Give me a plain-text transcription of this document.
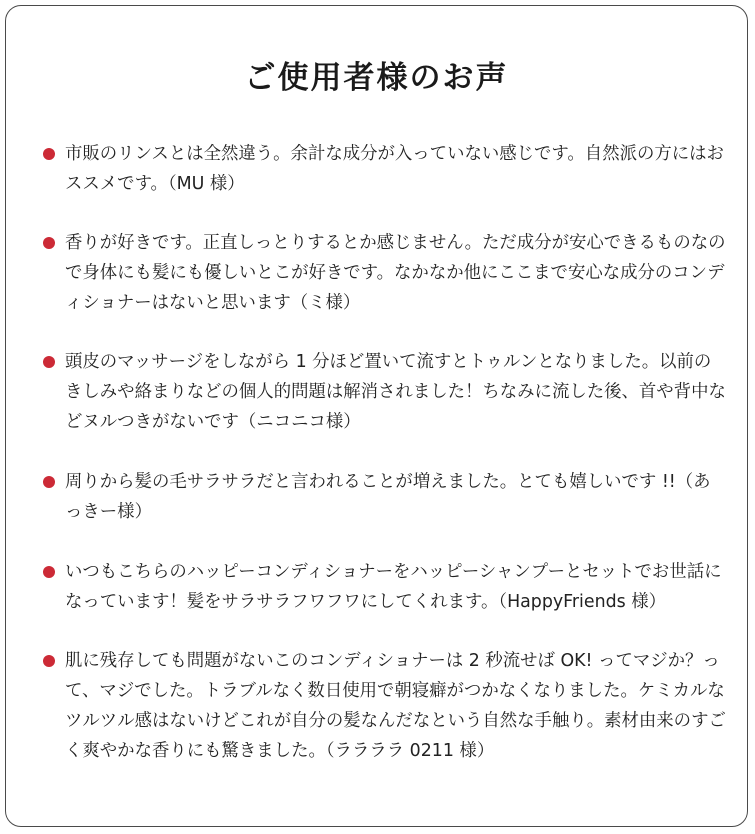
ご使用者様のお声
市販のリンスとは全然違う。余計な成分が入っていない感じです。自然派の方にはおススメです。（MU 様）
香りが好きです。正直しっとりするとか感じません。ただ成分が安心できるものなので身体にも髪にも優しいとこが好きです。なかなか他にここまで安心な成分のコンディショナーはないと思います（ミ様）
頭皮のマッサージをしながら 1 分ほど置いて流すとトゥルンとなりました。以前のきしみや絡まりなどの個人的問題は解消されました！ちなみに流した後、首や背中などヌルつきがないです（ニコニコ様）
周りから髪の毛サラサラだと言われることが増えました。とても嬉しいです !!（あっきー様）
いつもこちらのハッピーコンディショナーをハッピーシャンプーとセットでお世話になっています！髪をサラサラフワフワにしてくれます。（HappyFriends 様）
肌に残存しても問題がないこのコンディショナーは 2 秒流せば OK! ってマジか？って、マジでした。トラブルなく数日使用で朝寝癖がつかなくなりました。ケミカルなツルツル感はないけどこれが自分の髪なんだなという自然な手触り。素材由来のすごく爽やかな香りにも驚きました。（ララララ 0211 様）
